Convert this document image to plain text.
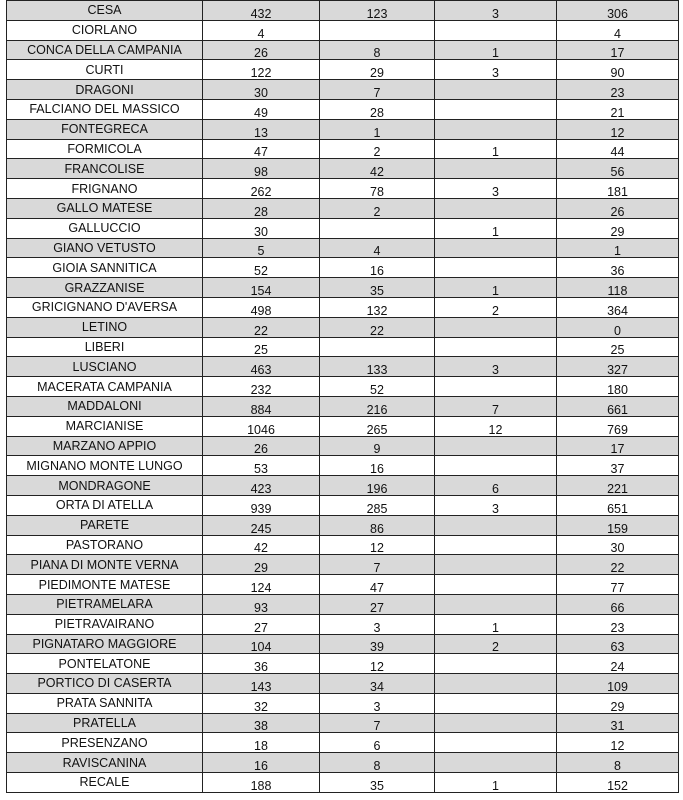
CESA	432	123	3	306
CIORLANO	4			4
CONCA DELLA CAMPANIA	26	8	1	17
CURTI	122	29	3	90
DRAGONI	30	7		23
FALCIANO DEL MASSICO	49	28		21
FONTEGRECA	13	1		12
FORMICOLA	47	2	1	44
FRANCOLISE	98	42		56
FRIGNANO	262	78	3	181
GALLO MATESE	28	2		26
GALLUCCIO	30		1	29
GIANO VETUSTO	5	4		1
GIOIA SANNITICA	52	16		36
GRAZZANISE	154	35	1	118
GRICIGNANO D'AVERSA	498	132	2	364
LETINO	22	22		0
LIBERI	25			25
LUSCIANO	463	133	3	327
MACERATA CAMPANIA	232	52		180
MADDALONI	884	216	7	661
MARCIANISE	1046	265	12	769
MARZANO APPIO	26	9		17
MIGNANO MONTE LUNGO	53	16		37
MONDRAGONE	423	196	6	221
ORTA DI ATELLA	939	285	3	651
PARETE	245	86		159
PASTORANO	42	12		30
PIANA DI MONTE VERNA	29	7		22
PIEDIMONTE MATESE	124	47		77
PIETRAMELARA	93	27		66
PIETRAVAIRANO	27	3	1	23
PIGNATARO MAGGIORE	104	39	2	63
PONTELATONE	36	12		24
PORTICO DI CASERTA	143	34		109
PRATA SANNITA	32	3		29
PRATELLA	38	7		31
PRESENZANO	18	6		12
RAVISCANINA	16	8		8
RECALE	188	35	1	152
